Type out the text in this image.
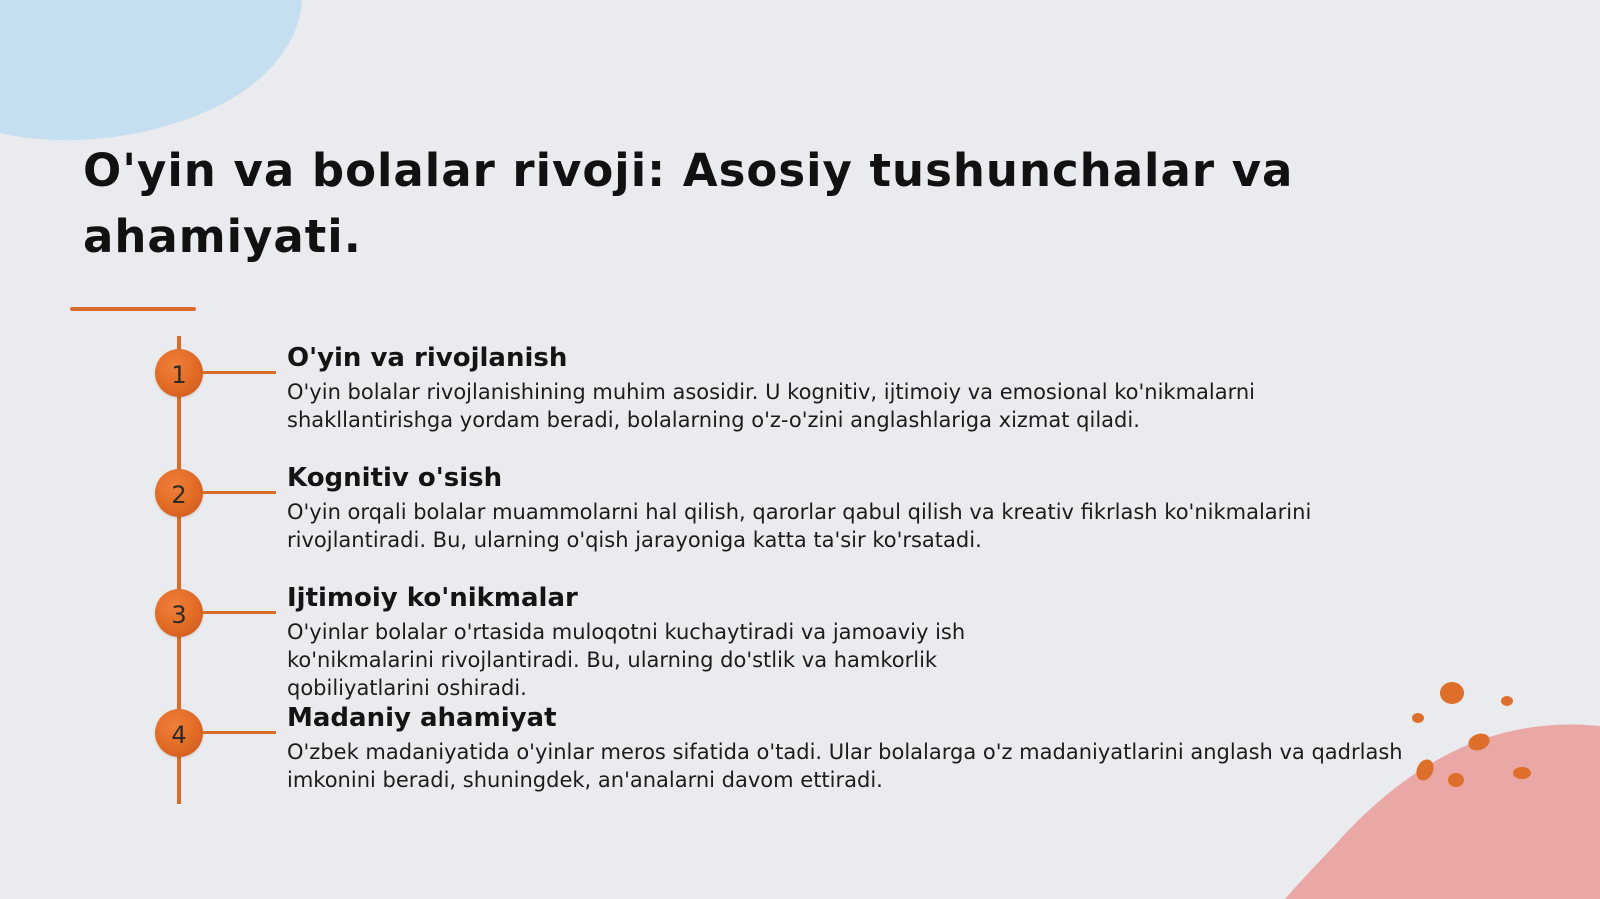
O'yin va bolalar rivoji: Asosiy tushunchalar va ahamiyati.
1
O'yin va rivojlanish

O'yin bolalar rivojlanishining muhim asosidir. U kognitiv, ijtimoiy va emosional ko'nikmalarni shakllantirishga yordam beradi, bolalarning o'z-o'zini anglashlariga xizmat qiladi.

2
Kognitiv o'sish

O'yin orqali bolalar muammolarni hal qilish, qarorlar qabul qilish va kreativ fikrlash ko'nikmalarini rivojlantiradi. Bu, ularning o'qish jarayoniga katta ta'sir ko'rsatadi.

3
Ijtimoiy ko'nikmalar

O'yinlar bolalar o'rtasida muloqotni kuchaytiradi va jamoaviy ish ko'nikmalarini rivojlantiradi. Bu, ularning do'stlik va hamkorlik qobiliyatlarini oshiradi.

4
Madaniy ahamiyat

O'zbek madaniyatida o'yinlar meros sifatida o'tadi. Ular bolalarga o'z madaniyatlarini anglash va qadrlash imkonini beradi, shuningdek, an'analarni davom ettiradi.
